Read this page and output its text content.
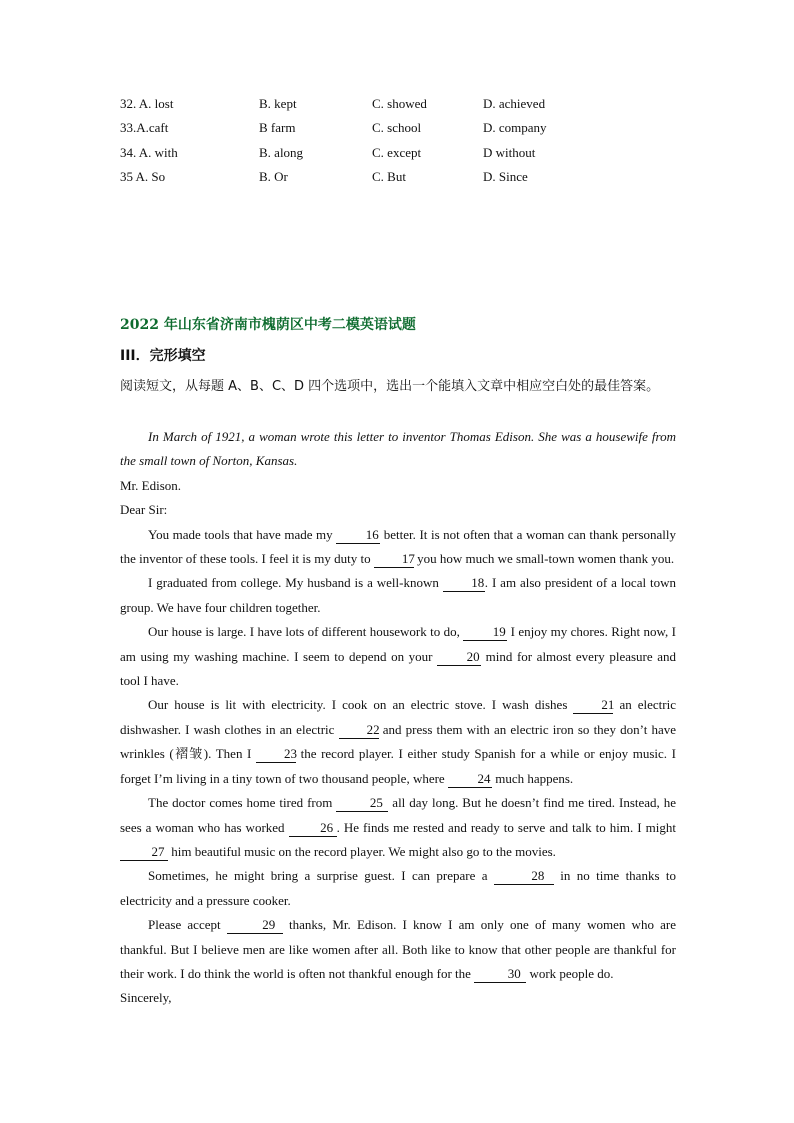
32. A. lost	B. kept	C. showed	D. achieved
33.A.caft	B farm	C. school	D. company
34. A. with	B. along	C. except	D without
35 A. So	B. Or	C. But	D. Since
2022 年山东省济南市槐荫区中考二模英语试题
III．完形填空
阅读短文，从每题 A、B、C、D 四个选项中，选出一个能填入文章中相应空白处的最佳答案。

In March of 1921, a woman wrote this letter to inventor Thomas Edison. She was a housewife from the small town of Norton, Kansas.

Mr. Edison.

Dear Sir:

You made tools that have made my 16 better. It is not often that a woman can thank personally the inventor of these tools. I feel it is my duty to 17 you how much we small-town women thank you.

I graduated from college. My husband is a well-known 18. I am also president of a local town group. We have four children together.

Our house is large. I have lots of different housework to do, 19 I enjoy my chores. Right now, I am using my washing machine. I seem to depend on your 20 mind for almost every pleasure and tool I have.

Our house is lit with electricity. I cook on an electric stove. I wash dishes 21 an electric dishwasher. I wash clothes in an electric 22 and press them with an electric iron so they don’t have wrinkles (褶皱). Then I 23 the record player. I either study Spanish for a while or enjoy music. I forget I’m living in a tiny town of two thousand people, where 24 much happens.

The doctor comes home tired from	25 all day long. But he doesn’t find me tired. Instead, he sees a woman who has worked 26 . He finds me rested and ready to serve and talk to him. I might 27 him beautiful music on the record player. We might also go to the movies.

Sometimes, he might bring a surprise guest. I can prepare a	28 in no time thanks to electricity and a pressure cooker.

Please accept	29 thanks, Mr. Edison. I know I am only one of many women who are thankful. But I believe men are like women after all. Both like to know that other people are thankful for their work. I do think the world is often not thankful enough for the	30 work people do.

Sincerely,
